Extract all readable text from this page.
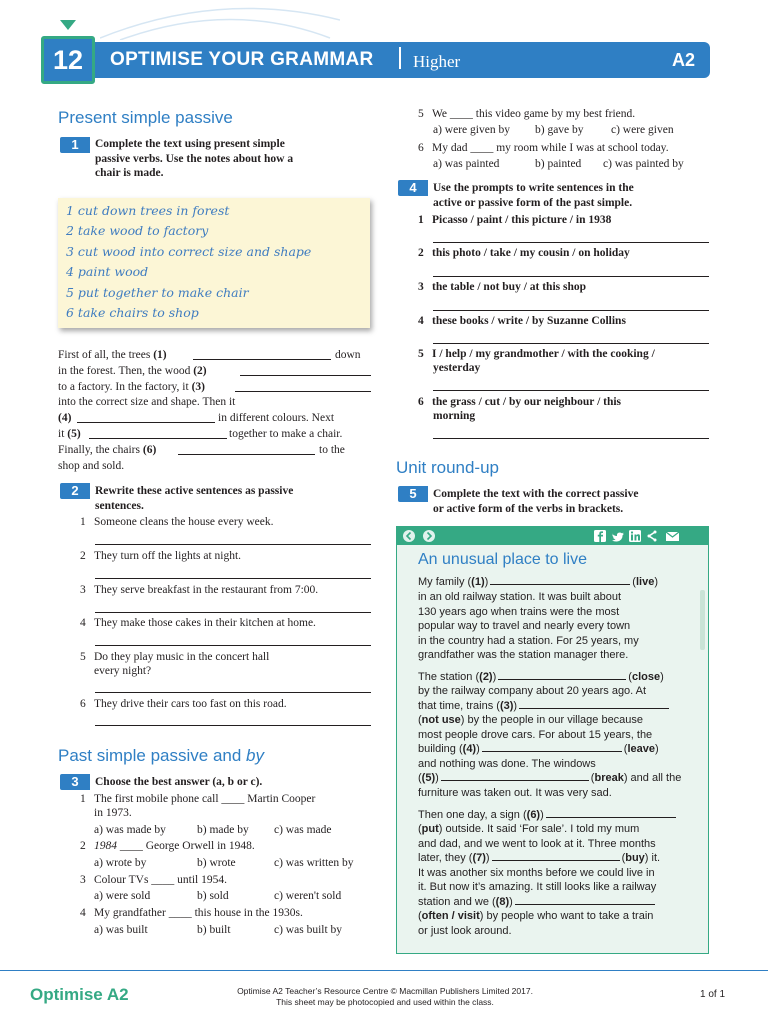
12	OPTIMISE YOUR GRAMMAR Higher	A2
Present simple passive
1	Complete the text using present simple
passive verbs. Use the notes about how a
chair is made.
1 cut down trees in forest
2 take wood to factory
3 cut wood into correct size and shape
4 paint wood
5 put together to make chair
6 take chairs to shop
First of all, the trees (1)	down
in the forest. Then, the wood (2)
to a factory. In the factory, it (3)
into the correct size and shape. Then it
(4)	in different colours. Next
it (5)	together to make a chair.
Finally, the chairs (6)	to the
shop and sold.
2	Rewrite these active sentences as passive
sentences.
1 Someone cleans the house every week.
2 They turn off the lights at night.
3 They serve breakfast in the restaurant from 7:00.
4 They make those cakes in their kitchen at home.
5 Do they play music in the concert hall
every night?
6 They drive their cars too fast on this road.
Past simple passive and by
3	Choose the best answer (a, b or c).
1 The first mobile phone call ____ Martin Cooper
in 1973.
a) was made by	b) made by c) was made
2 1984 ____ George Orwell in 1948.
a) wrote by	b) wrote	c) was written by
3 Colour TVs ____ until 1954.
a) were sold	b) sold	c) weren't sold
4 My grandfather ____ this house in the 1930s.
a) was built	b) built	c) was built by
5 We ____ this video game by my best friend.
a) were given by b) gave by c) were given
6 My dad ____ my room while I was at school today.
a) was painted	b) painted c) was painted by
4	Use the prompts to write sentences in the
active or passive form of the past simple.
1 Picasso / paint / this picture / in 1938
2 this photo / take / my cousin / on holiday
3 the table / not buy / at this shop
4 these books / write / by Suzanne Collins
5 I / help / my grandmother / with the cooking /
yesterday
6 the grass / cut / by our neighbour / this
morning
Unit round-up
5	Complete the text with the correct passive
or active form of the verbs in brackets.
An unusual place to live
My family ((1))	(live)
in an old railway station. It was built about
130 years ago when trains were the most
popular way to travel and nearly every town
in the country had a station. For 25 years, my
grandfather was the station manager there.
The station ((2))	(close)
by the railway company about 20 years ago. At
that time, trains ((3))
(not use) by the people in our village because
most people drove cars. For about 15 years, the
building ((4))	(leave)
and nothing was done. The windows
((5))	(break) and all the
furniture was taken out. It was very sad.
Then one day, a sign ((6))
(put) outside. It said ‘For sale’. I told my mum
and dad, and we went to look at it. Three months
later, they ((7))	(buy) it.
It was another six months before we could live in
it. But now it’s amazing. It still looks like a railway
station and we ((8))
(often / visit) by people who want to take a train
or just look around.
Optimise A2	Optimise A2 Teacher’s Resource Centre © Macmillan Publishers Limited 2017.
This sheet may be photocopied and used within the class.
1 of 1
